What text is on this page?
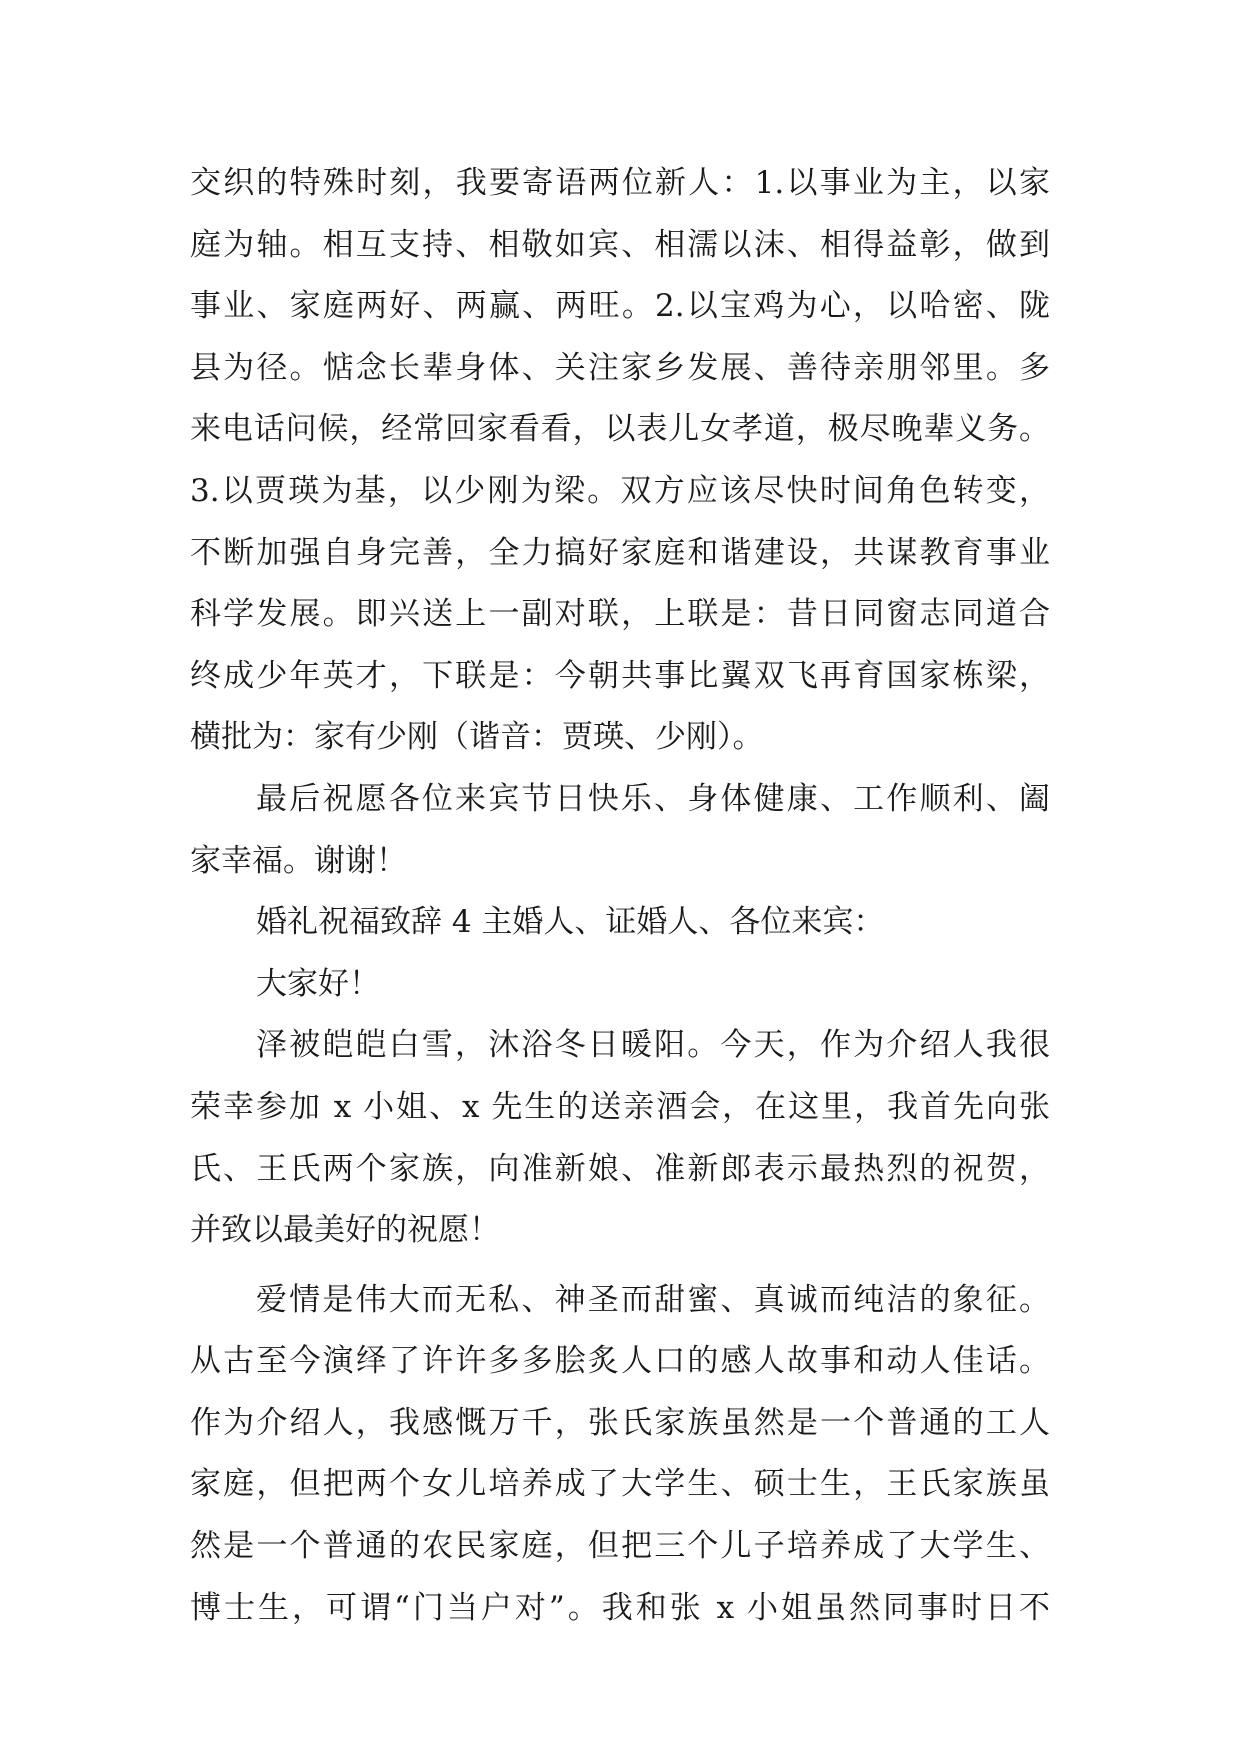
交织的特殊时刻，我要寄语两位新人：1.以事业为主，以家
庭为轴。相互支持、相敬如宾、相濡以沫、相得益彰，做到
事业、家庭两好、两赢、两旺。2.以宝鸡为心，以哈密、陇
县为径。惦念长辈身体、关注家乡发展、善待亲朋邻里。多
来电话问候，经常回家看看，以表儿女孝道，极尽晚辈义务。
3.以贾瑛为基，以少刚为梁。双方应该尽快时间角色转变，
不断加强自身完善，全力搞好家庭和谐建设，共谋教育事业
科学发展。即兴送上一副对联，上联是：昔日同窗志同道合
终成少年英才，下联是：今朝共事比翼双飞再育国家栋梁，
横批为：家有少刚（谐音：贾瑛、少刚）。
最后祝愿各位来宾节日快乐、身体健康、工作顺利、阖
家幸福。谢谢！
婚礼祝福致辞 4 主婚人、证婚人、各位来宾：
大家好！
泽被皑皑白雪，沐浴冬日暖阳。今天，作为介绍人我很
荣幸参加 x 小姐、x 先生的送亲酒会，在这里，我首先向张
氏、王氏两个家族，向准新娘、准新郎表示最热烈的祝贺，
并致以最美好的祝愿！
爱情是伟大而无私、神圣而甜蜜、真诚而纯洁的象征。
从古至今演绎了许许多多脍炙人口的感人故事和动人佳话。
作为介绍人，我感慨万千，张氏家族虽然是一个普通的工人
家庭，但把两个女儿培养成了大学生、硕士生，王氏家族虽
然是一个普通的农民家庭，但把三个儿子培养成了大学生、
博士生，可谓“门当户对”。我和张 x 小姐虽然同事时日不
